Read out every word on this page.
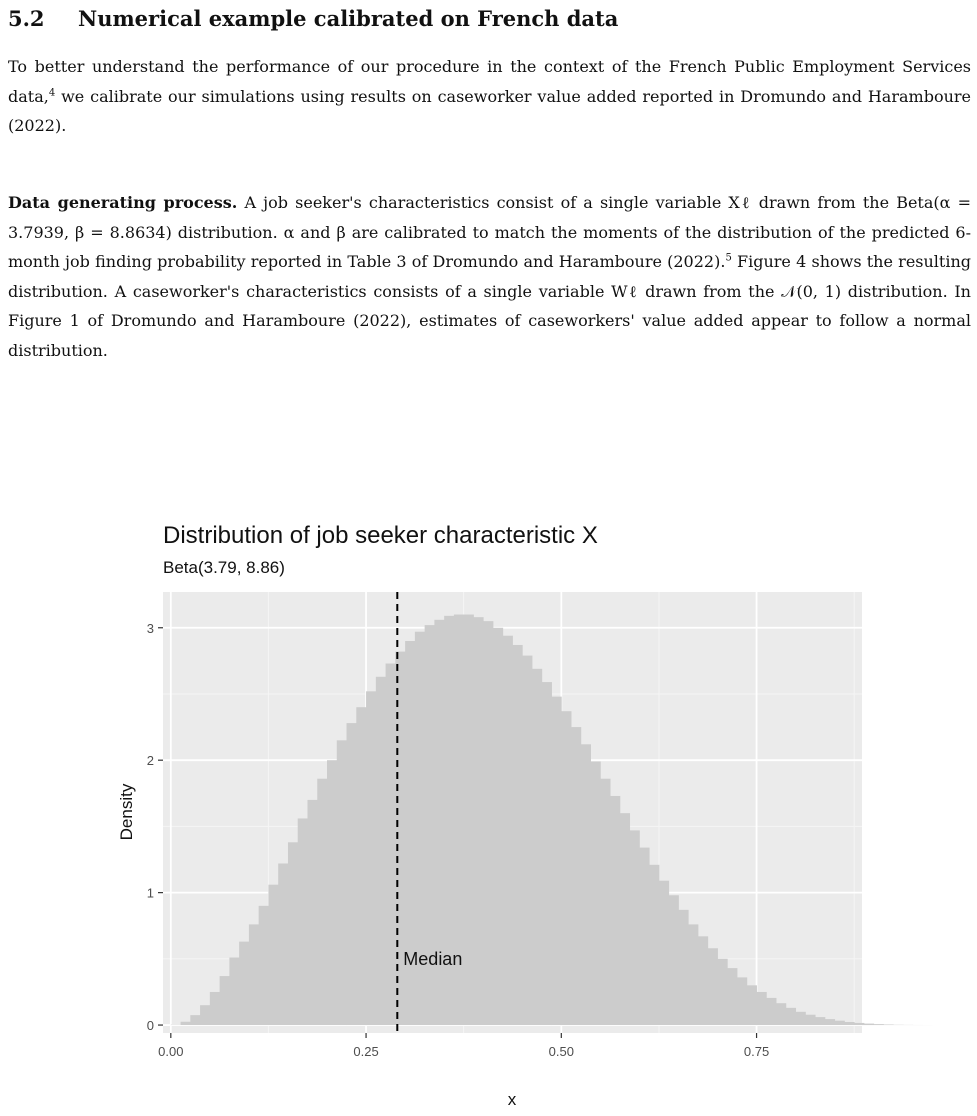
5.2 Numerical example calibrated on French data

To better understand the performance of our procedure in the context of the French Public Employment Services data,$^4$ we calibrate our simulations using results on caseworker value added reported in Dromundo and Haramboure (2022).

Data generating process. A job seeker's characteristics consist of a single variable Xℓ drawn from the Beta(α = 3.7939, β = 8.8634) distribution. α and β are calibrated to match the moments of the distribution of the predicted 6-month job finding probability reported in Table 3 of Dromundo and Haramboure (2022).$^5$ Figure 4 shows the resulting distribution. A caseworker's characteristics consists of a single variable Wℓ drawn from the 𝒩(0, 1) distribution. In Figure 1 of Dromundo and Haramboure (2022), estimates of caseworkers' value added appear to follow a normal distribution.

Distribution of job seeker characteristic X
Beta(3.79, 8.86)
Median
0
1
2
3
0.00	0.25	0.50	0.75
x
Density
